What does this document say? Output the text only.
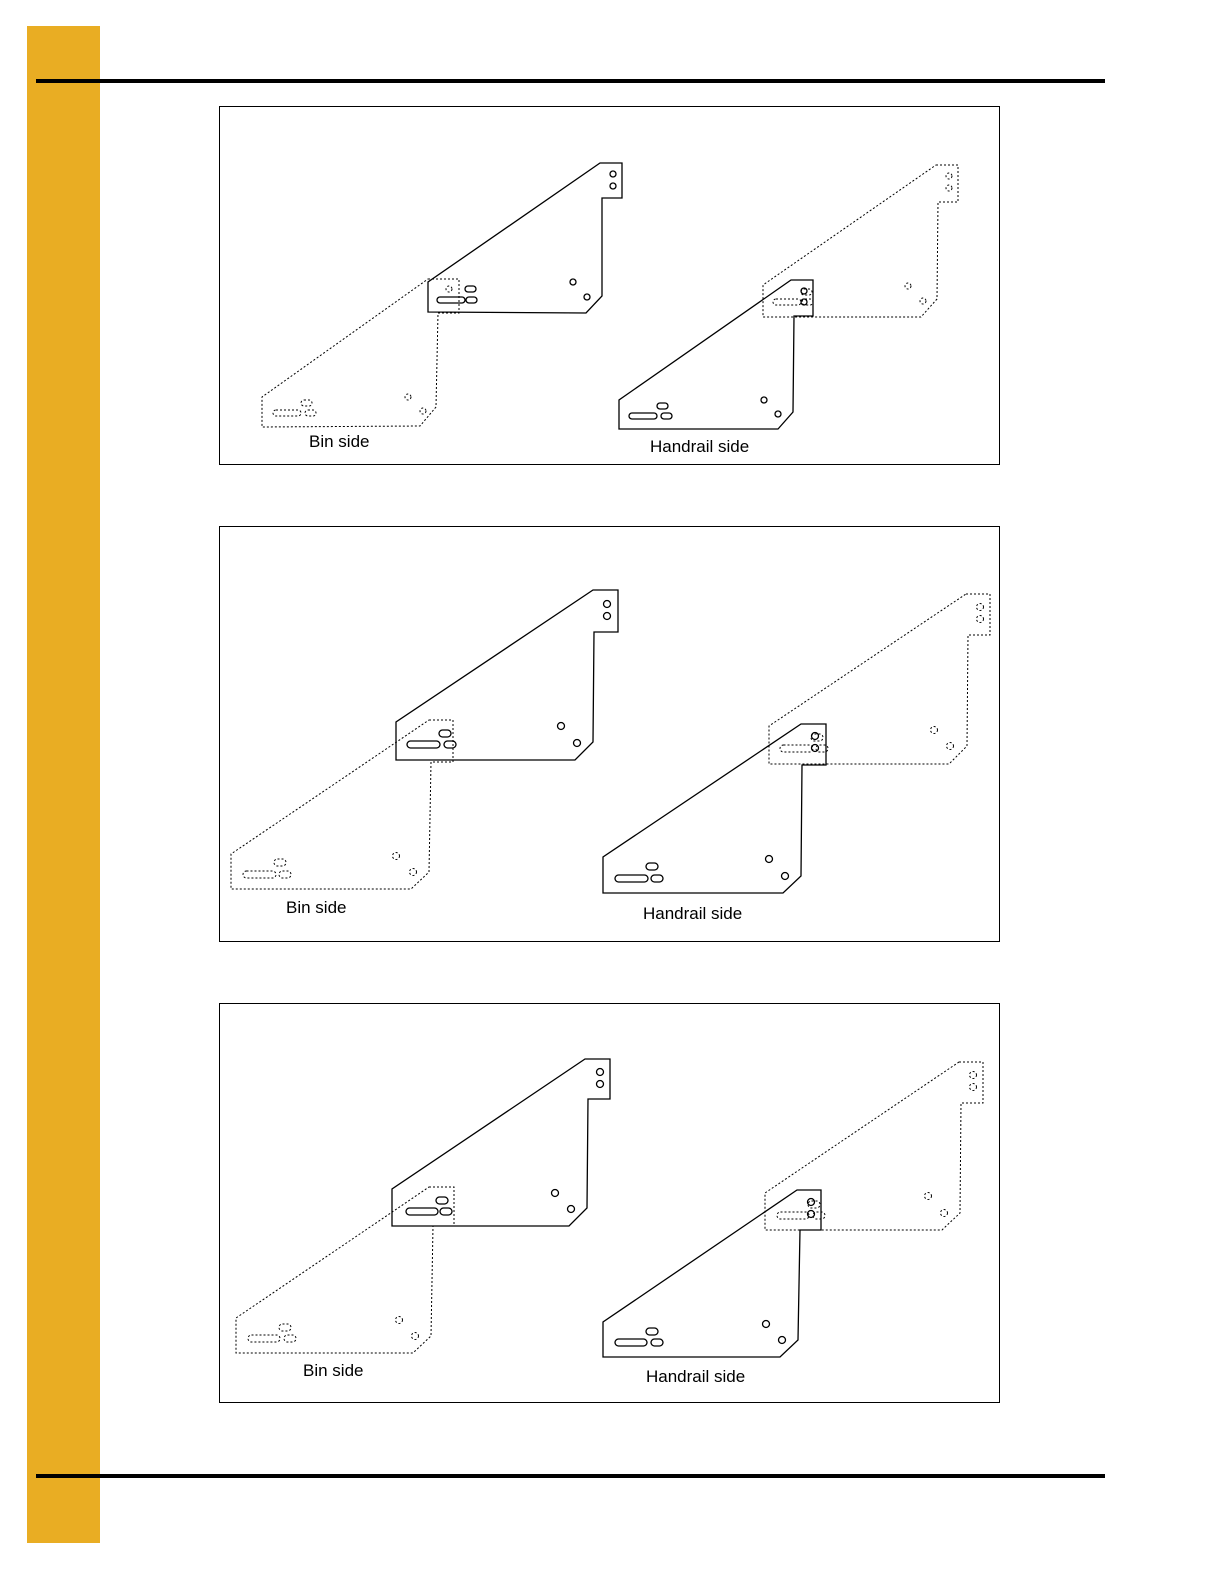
Bin side	Handrail side
Bin side	Handrail side
Bin side	Handrail side
